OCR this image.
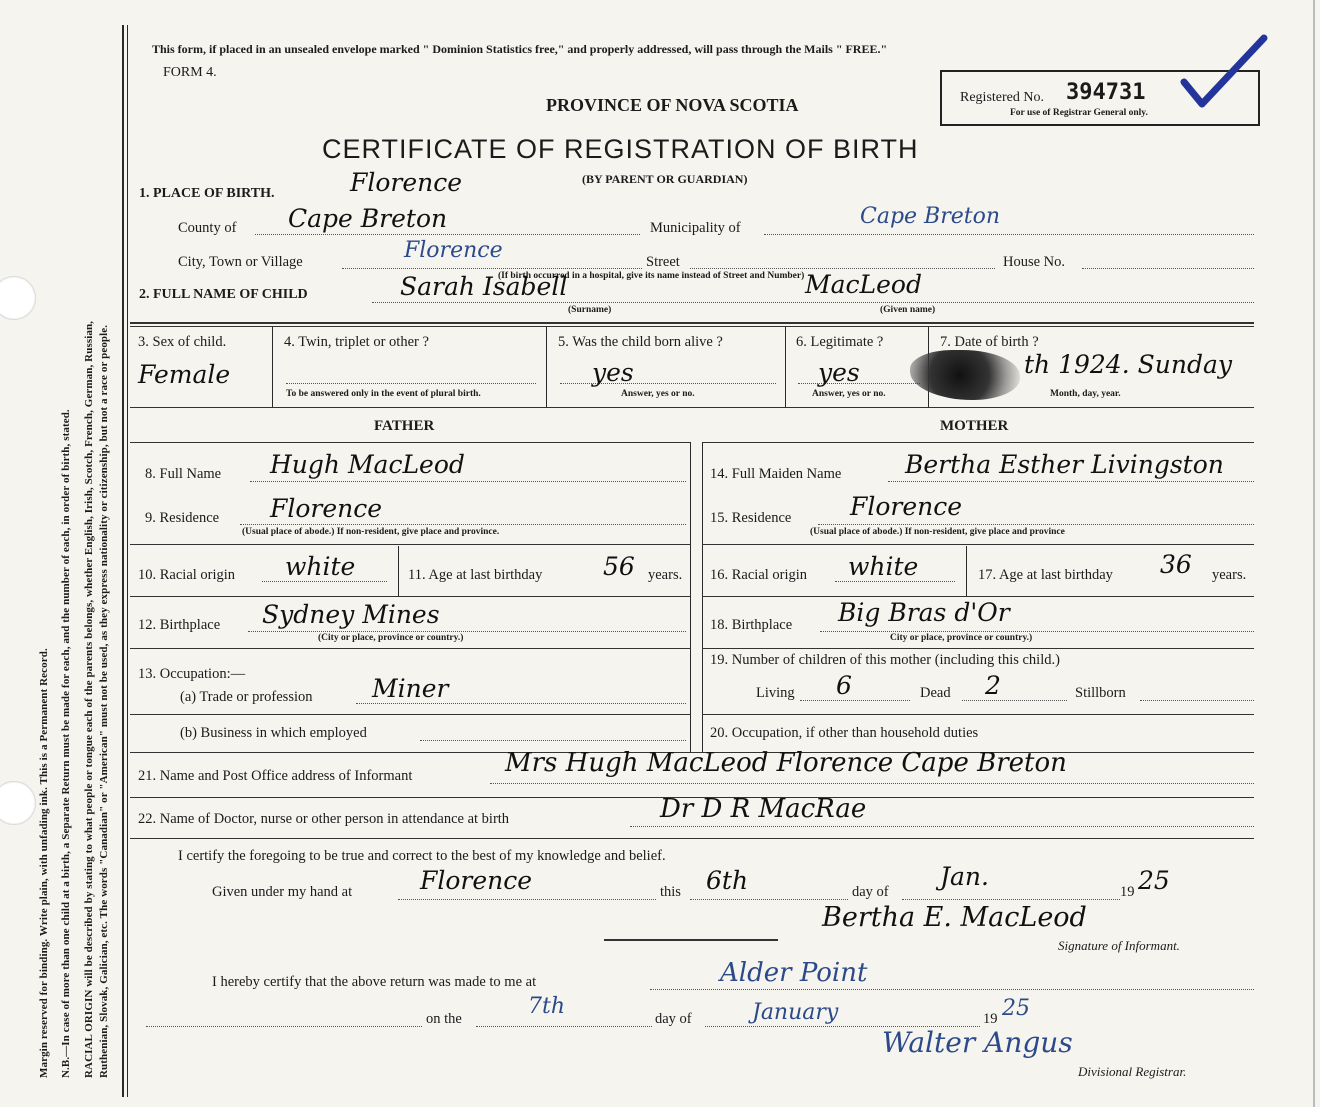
Margin reserved for binding. Write plain, with unfading ink. This is a Permanent Record. N.B.—In case of more than one child at a birth, a Separate Return must be made for each, and the number of each, in order of birth, stated. RACIAL ORIGIN will be described by stating to what people or tongue each of the parents belongs, whether English, Irish, Scotch, French, German, Russian, Ruthenian, Slovak, Galician, etc. The words "Canadian" or "American" must not be used, as they express nationality or citizenship, but not a race or people.
This form, if placed in an unsealed envelope marked " Dominion Statistics free," and properly addressed, will pass through the Mails " FREE."
FORM 4.
PROVINCE OF NOVA SCOTIA
CERTIFICATE OF REGISTRATION OF BIRTH
(BY PARENT OR GUARDIAN)
Registered No. 394731
For use of Registrar General only.
1. PLACE OF BIRTH.	Florence
County of Cape Breton	Municipality of	Cape Breton
City, Town or Village	Florence	Street	House No.
(If birth occurred in a hospital, give its name instead of Street and Number)
2. FULL NAME OF CHILD	Sarah Isabell	MacLeod
(Surname)	(Given name)
3. Sex of child.
Female
4. Twin, triplet or other ?
To be answered only in the event of plural birth.
5. Was the child born alive ?
yes
Answer, yes or no.
6. Legitimate ?
yes
Answer, yes or no.
7. Date of birth ?
th 1924. Sunday
Month, day, year.
FATHER	MOTHER
8. Full Name Hugh MacLeod
9. Residence Florence
(Usual place of abode.) If non-resident, give place and province.
10. Racial origin white	11. Age at last birthday 56 years.
12. Birthplace Sydney Mines
(City or place, province or country.)
13. Occupation:—
(a) Trade or profession Miner
(b) Business in which employed
14. Full Maiden Name	Bertha Esther Livingston
15. Residence Florence
(Usual place of abode.) If non-resident, give place and province
16. Racial origin white	17. Age at last birthday 36 years.
18. Birthplace Big Bras d'Or
City or place, province or country.)
19. Number of children of this mother (including this child.)
Living 6	Dead 2	Stillborn
20. Occupation, if other than household duties
21. Name and Post Office address of Informant	Mrs Hugh MacLeod Florence Cape Breton
22. Name of Doctor, nurse or other person in attendance at birth	Dr D R MacRae
I certify the foregoing to be true and correct to the best of my knowledge and belief.
Given under my hand at	Florence	this 6th	day of
Jan.
19 25
Bertha E. MacLeod
Signature of Informant.
I hereby certify that the above return was made to me at	Alder Point
on the	7th	day of	January	19 25
Walter Angus
Divisional Registrar.
